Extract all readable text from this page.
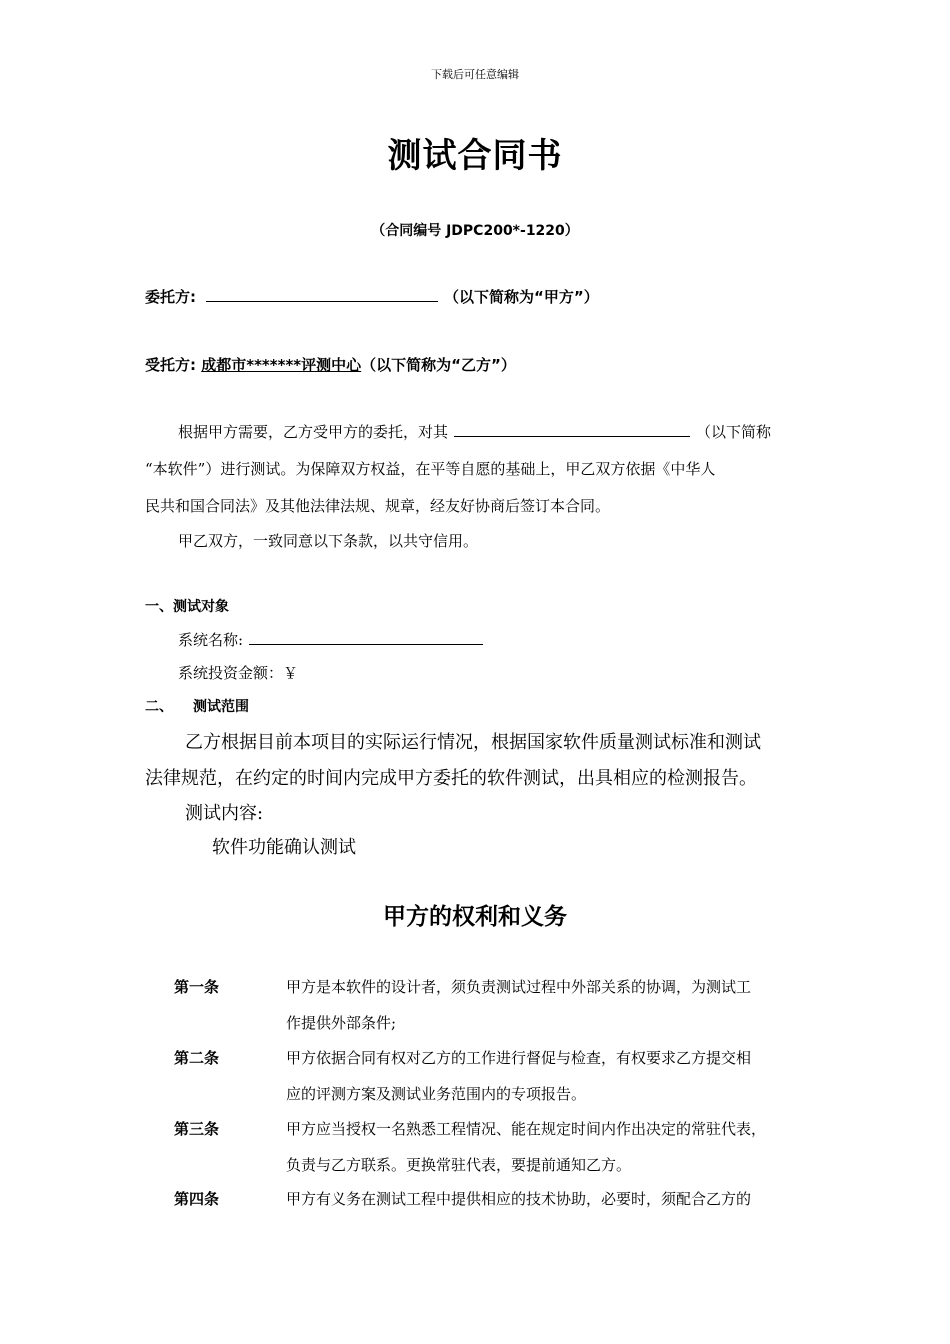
下载后可任意编辑
测试合同书
（合同编号 JDPC200*-1220）
委托方:	（以下简称为“甲方”）
受托方: 成都市*******评测中心（以下简称为“乙方”）
根据甲方需要，乙方受甲方的委托，对其	（以下简称
“本软件”）进行测试。为保障双方权益，在平等自愿的基础上，甲乙双方依据《中华人
民共和国合同法》及其他法律法规、规章，经友好协商后签订本合同。
甲乙双方，一致同意以下条款，以共守信用。
一、测试对象
系统名称:
系统投资金额：￥
二、 测试范围
乙方根据目前本项目的实际运行情况，根据国家软件质量测试标准和测试
法律规范，在约定的时间内完成甲方委托的软件测试，出具相应的检测报告。
测试内容:
软件功能确认测试
甲方的权利和义务
第一条	甲方是本软件的设计者，须负责测试过程中外部关系的协调，为测试工
作提供外部条件;
第二条	甲方依据合同有权对乙方的工作进行督促与检查，有权要求乙方提交相
应的评测方案及测试业务范围内的专项报告。
第三条	甲方应当授权一名熟悉工程情况、能在规定时间内作出决定的常驻代表，
负责与乙方联系。更换常驻代表，要提前通知乙方。
第四条	甲方有义务在测试工程中提供相应的技术协助，必要时，须配合乙方的
